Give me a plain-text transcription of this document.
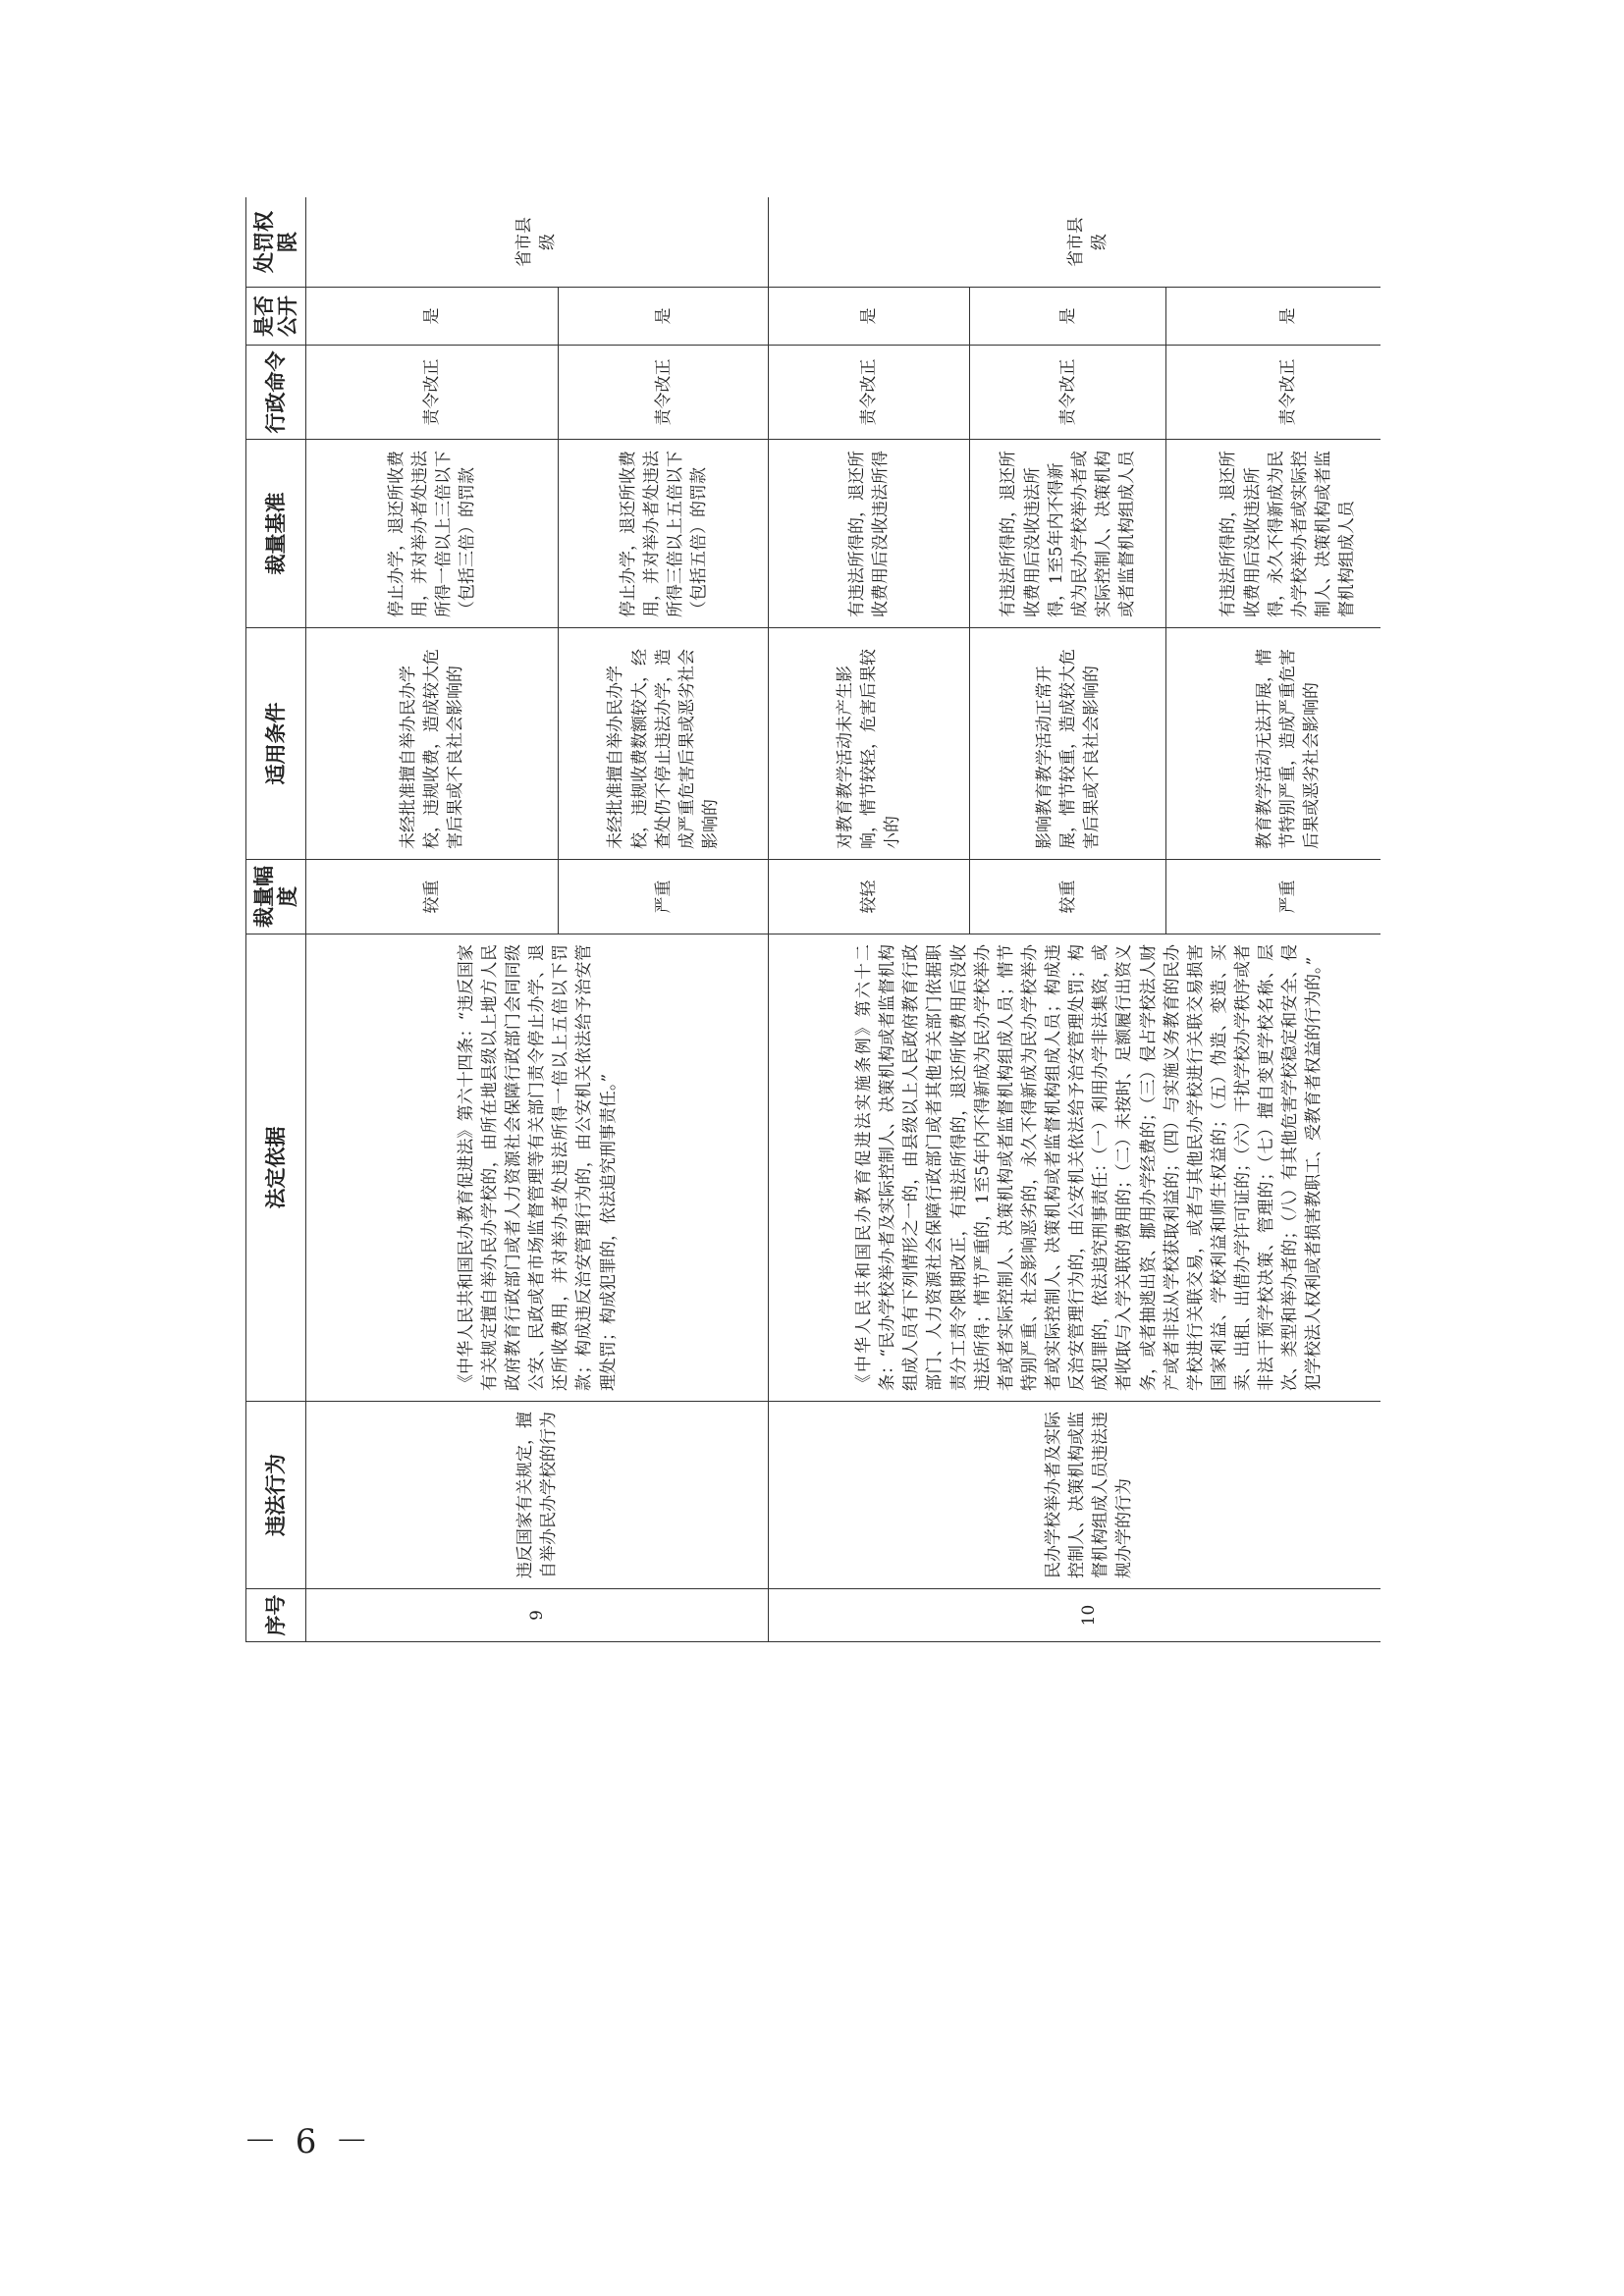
序号	违法行为	法定依据	裁量幅度	适用条件	裁量基准	行政命令	是否公开	处罚权限
9	违反国家有关规定，擅自举办民办学校的行为	《中华人民共和国民办教育促进法》第六十四条：“违反国家有关规定擅自举办民办学校的，由所在地县级以上地方人民政府教育行政部门或者人力资源社会保障行政部门会同同级公安、民政或者市场监督管理等有关部门责令停止办学、退还所收费用，并对举办者处违法所得一倍以上五倍以下罚款；构成违反治安管理行为的，由公安机关依法给予治安管理处罚；构成犯罪的，依法追究刑事责任。”	较重	未经批准擅自举办民办学校，违规收费，造成较大危害后果或不良社会影响的	停止办学，退还所收费用，并对举办者处违法所得一倍以上三倍以下（包括三倍）的罚款	责令改正	是	省市县级
			严重	未经批准擅自举办民办学校，违规收费数额较大，经查处仍不停止违法办学，造成严重危害后果或恶劣社会影响的	停止办学，退还所收费用，并对举办者处违法所得三倍以上五倍以下（包括五倍）的罚款	责令改正	是	
10	民办学校举办者及实际控制人、决策机构或监督机构组成人员违法违规办学的行为	《中华人民共和国民办教育促进法实施条例》第六十二条：“民办学校举办者及实际控制人、决策机构或者监督机构组成人员有下列情形之一的，由县级以上人民政府教育行政部门、人力资源社会保障行政部门或者其他有关部门依据职责分工责令限期改正，有违法所得的，退还所收费用后没收违法所得；情节严重的，1至5年内不得新成为民办学校举办者或者实际控制人、决策机构或者监督机构组成人员；情节特别严重、社会影响恶劣的，永久不得新成为民办学校举办者或实际控制人、决策机构或者监督机构组成人员；构成违反治安管理行为的，由公安机关依法给予治安管理处罚；构成犯罪的，依法追究刑事责任：（一）利用办学非法集资，或者收取与入学关联的费用的；（二）未按时、足额履行出资义务，或者抽逃出资、挪用办学经费的；（三）侵占学校法人财产或者非法从学校获取利益的；（四）与实施义务教育的民办学校进行关联交易，或者与其他民办学校进行关联交易损害国家利益、学校利益和师生权益的；（五）伪造、变造、买卖、出租、出借办学许可证的；（六）干扰学校办学秩序或者非法干预学校决策、管理的；（七）擅自变更学校名称、层次、类型和举办者的；（八）有其他危害学校稳定和安全、侵犯学校法人权利或者损害教职工、受教育者权益的行为的。”	较轻	对教育教学活动未产生影响，情节较轻，危害后果较小的	有违法所得的，退还所收费用后没收违法所得	责令改正	是	省市县级
			较重	影响教育教学活动正常开展，情节较重，造成较大危害后果或不良社会影响的	有违法所得的，退还所收费用后没收违法所得，1至5年内不得新成为民办学校举办者或实际控制人、决策机构或者监督机构组成人员	责令改正	是	
			严重	教育教学活动无法开展，情节特别严重，造成严重危害后果或恶劣社会影响的	有违法所得的，退还所收费用后没收违法所得，永久不得新成为民办学校举办者或实际控制人、决策机构或者监督机构组成人员	责令改正	是	
－ 6 －
